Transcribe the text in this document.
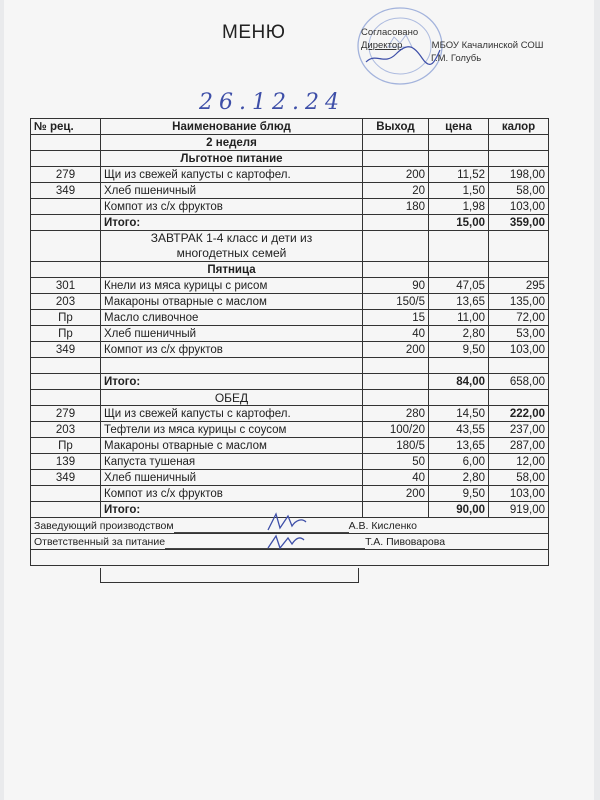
МЕНЮ	Согласовано
Директор	МБОУ Качалинской СОШ
Г.М. Голубь
26.12.24
№ рец.	Наименование блюд	Выход	цена	калор
	2 неделя			
	Льготное питание			
279	Щи из свежей капусты с картофел.	200	11,52	198,00
349	Хлеб пшеничный	20	1,50	58,00
	Компот из с/х фруктов	180	1,98	103,00
	Итого:		15,00	359,00

	ЗАВТРАК 1-4 класс и дети из
многодетных семей			

	Пятница			
301	Кнели из мяса курицы с рисом	90	47,05	295
203	Макароны отварные с маслом	150/5	13,65	135,00
Пр	Масло сливочное	15	11,00	72,00
Пр	Хлеб пшеничный	40	2,80	53,00
349	Компот из с/х фруктов	200	9,50	103,00

	Итого:		84,00	658,00
	ОБЕД			
279	Щи из свежей капусты с картофел.	280	14,50	222,00
203	Тефтели из мяса курицы с соусом	100/20	43,55	237,00
Пр	Макароны отварные с маслом	180/5	13,65	287,00
139	Капуста тушеная	50	6,00	12,00
349	Хлеб пшеничный	40	2,80	58,00
	Компот из с/х фруктов	200	9,50	103,00
	Итого:		90,00	919,00
Заведующий производством А.В. Кисленко				
Ответственный за питание Т.А. Пивоварова				
